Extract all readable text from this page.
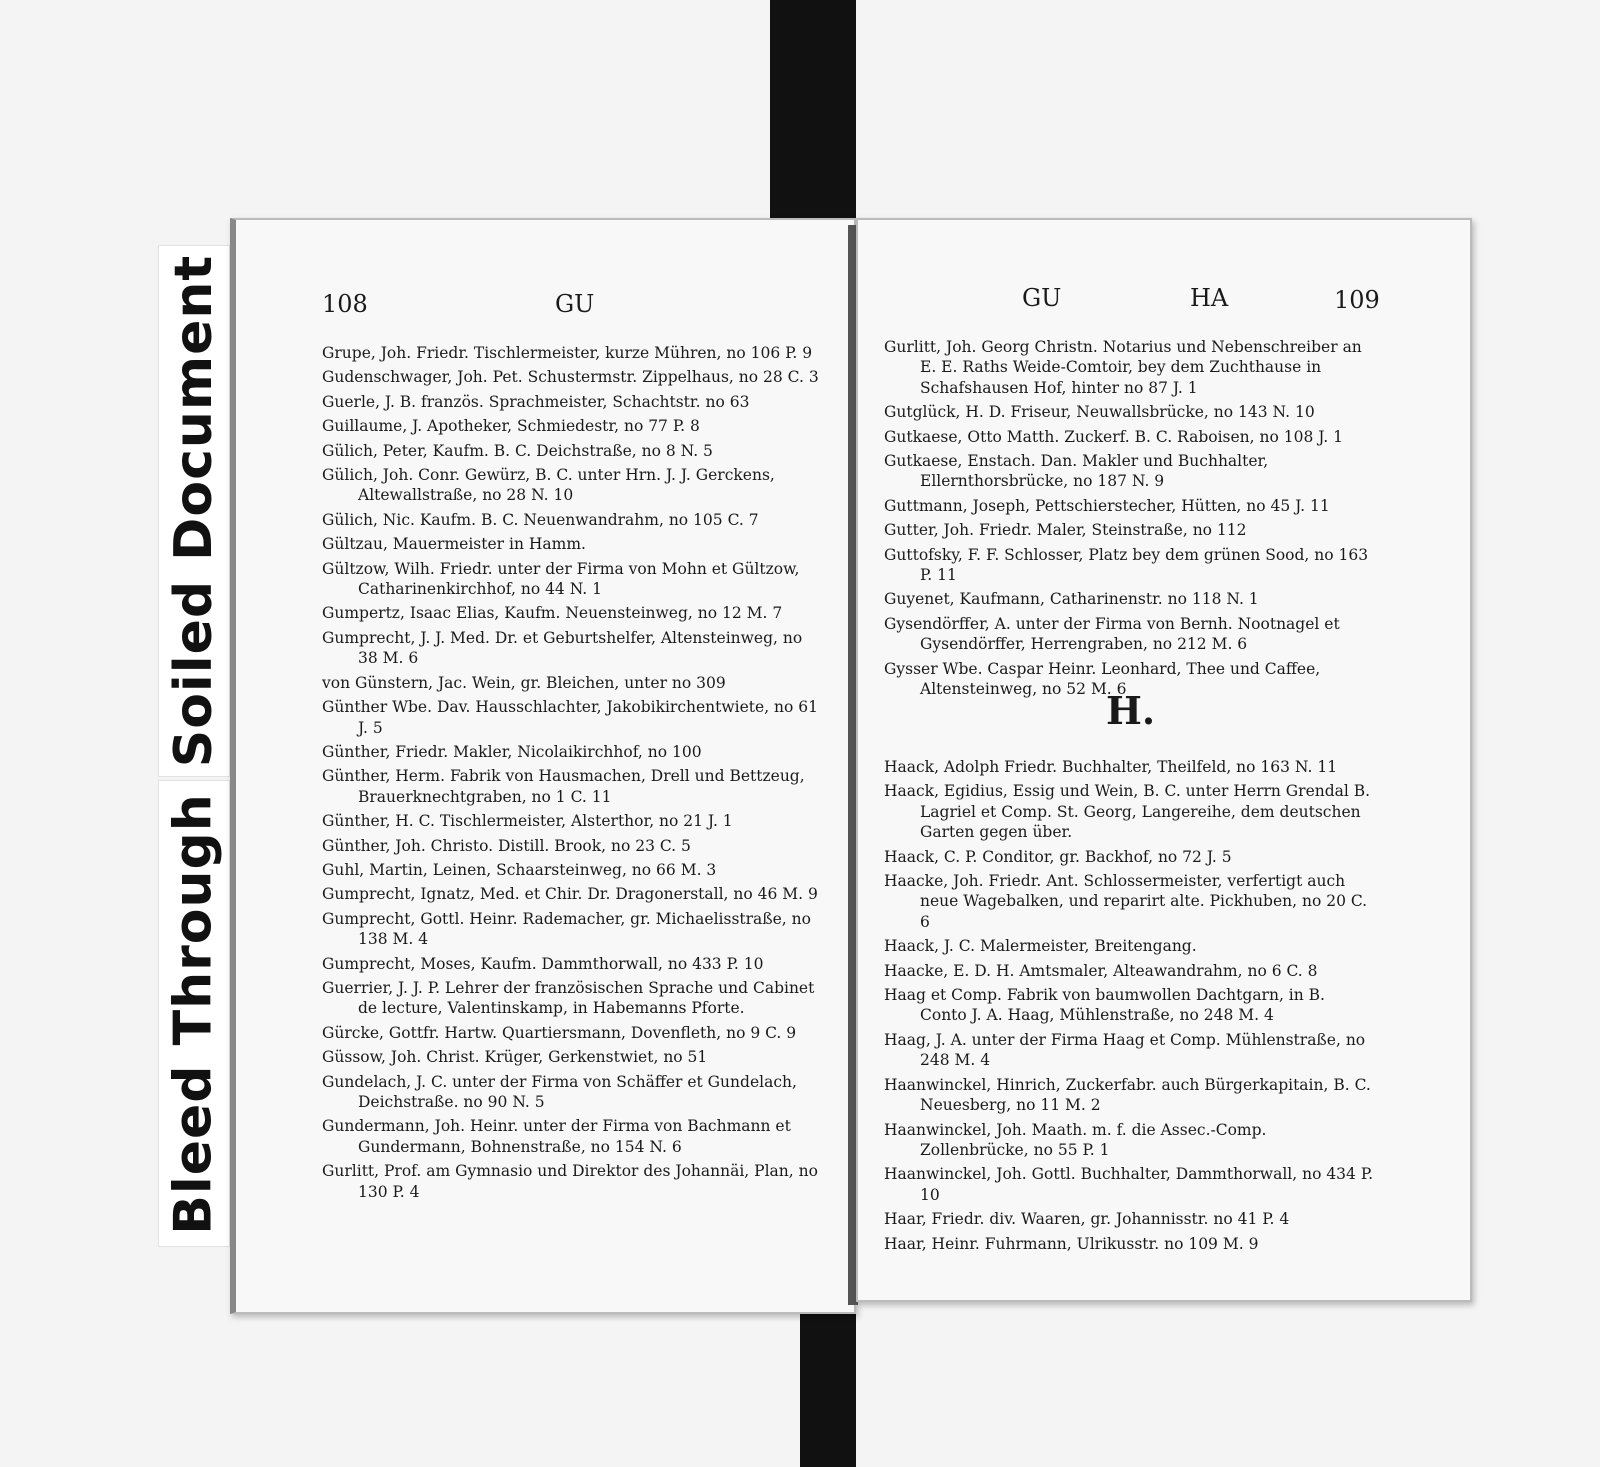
Soiled Document
Bleed Through
108	GU
Grupe, Joh. Friedr. Tischlermeister, kurze Mühren, no 106 P. 9
Gudenschwager, Joh. Pet. Schustermstr. Zippelhaus, no 28 C. 3
Guerle, J. B. französ. Sprachmeister, Schachtstr. no 63
Guillaume, J. Apotheker, Schmiedestr, no 77 P. 8
Gülich, Peter, Kaufm. B. C. Deichstraße, no 8 N. 5
Gülich, Joh. Conr. Gewürz, B. C. unter Hrn. J. J. Gerckens, Altewallstraße, no 28 N. 10
Gülich, Nic. Kaufm. B. C. Neuenwandrahm, no 105 C. 7
Gültzau, Mauermeister in Hamm.
Gültzow, Wilh. Friedr. unter der Firma von Mohn et Gültzow, Catharinenkirchhof, no 44 N. 1
Gumpertz, Isaac Elias, Kaufm. Neuensteinweg, no 12 M. 7
Gumprecht, J. J. Med. Dr. et Geburtshelfer, Altensteinweg, no 38 M. 6
von Günstern, Jac. Wein, gr. Bleichen, unter no 309
Günther Wbe. Dav. Hausschlachter, Jakobikirchentwiete, no 61 J. 5
Günther, Friedr. Makler, Nicolaikirchhof, no 100
Günther, Herm. Fabrik von Hausmachen, Drell und Bettzeug, Brauerknechtgraben, no 1 C. 11
Günther, H. C. Tischlermeister, Alsterthor, no 21 J. 1
Günther, Joh. Christo. Distill. Brook, no 23 C. 5
Guhl, Martin, Leinen, Schaarsteinweg, no 66 M. 3
Gumprecht, Ignatz, Med. et Chir. Dr. Dragonerstall, no 46 M. 9
Gumprecht, Gottl. Heinr. Rademacher, gr. Michaelisstraße, no 138 M. 4
Gumprecht, Moses, Kaufm. Dammthorwall, no 433 P. 10
Guerrier, J. J. P. Lehrer der französischen Sprache und Cabinet de lecture, Valentinskamp, in Habemanns Pforte.
Gürcke, Gottfr. Hartw. Quartiersmann, Dovenfleth, no 9 C. 9
Güssow, Joh. Christ. Krüger, Gerkenstwiet, no 51
Gundelach, J. C. unter der Firma von Schäffer et Gundelach, Deichstraße. no 90 N. 5
Gundermann, Joh. Heinr. unter der Firma von Bachmann et Gundermann, Bohnenstraße, no 154 N. 6
Gurlitt, Prof. am Gymnasio und Direktor des Johannäi, Plan, no 130 P. 4
GU	HA	109
Gurlitt, Joh. Georg Christn. Notarius und Nebenschreiber an E. E. Raths Weide-Comtoir, bey dem Zuchthause in Schafshausen Hof, hinter no 87 J. 1
Gutglück, H. D. Friseur, Neuwallsbrücke, no 143 N. 10
Gutkaese, Otto Matth. Zuckerf. B. C. Raboisen, no 108 J. 1
Gutkaese, Enstach. Dan. Makler und Buchhalter, Ellernthorsbrücke, no 187 N. 9
Guttmann, Joseph, Pettschierstecher, Hütten, no 45 J. 11
Gutter, Joh. Friedr. Maler, Steinstraße, no 112
Guttofsky, F. F. Schlosser, Platz bey dem grünen Sood, no 163 P. 11
Guyenet, Kaufmann, Catharinenstr. no 118 N. 1
Gysendörffer, A. unter der Firma von Bernh. Nootnagel et Gysendörffer, Herrengraben, no 212 M. 6
Gysser Wbe. Caspar Heinr. Leonhard, Thee und Caffee, Altensteinweg, no 52 M. 6
H.
Haack, Adolph Friedr. Buchhalter, Theilfeld, no 163 N. 11
Haack, Egidius, Essig und Wein, B. C. unter Herrn Grendal B. Lagriel et Comp. St. Georg, Langereihe, dem deutschen Garten gegen über.
Haack, C. P. Conditor, gr. Backhof, no 72 J. 5
Haacke, Joh. Friedr. Ant. Schlossermeister, verfertigt auch neue Wagebalken, und reparirt alte. Pickhuben, no 20 C. 6
Haack, J. C. Malermeister, Breitengang.
Haacke, E. D. H. Amtsmaler, Alteawandrahm, no 6 C. 8
Haag et Comp. Fabrik von baumwollen Dachtgarn, in B. Conto J. A. Haag, Mühlenstraße, no 248 M. 4
Haag, J. A. unter der Firma Haag et Comp. Mühlenstraße, no 248 M. 4
Haanwinckel, Hinrich, Zuckerfabr. auch Bürgerkapitain, B. C. Neuesberg, no 11 M. 2
Haanwinckel, Joh. Maath. m. f. die Assec.-Comp. Zollenbrücke, no 55 P. 1
Haanwinckel, Joh. Gottl. Buchhalter, Dammthorwall, no 434 P. 10
Haar, Friedr. div. Waaren, gr. Johannisstr. no 41 P. 4
Haar, Heinr. Fuhrmann, Ulrikusstr. no 109 M. 9
